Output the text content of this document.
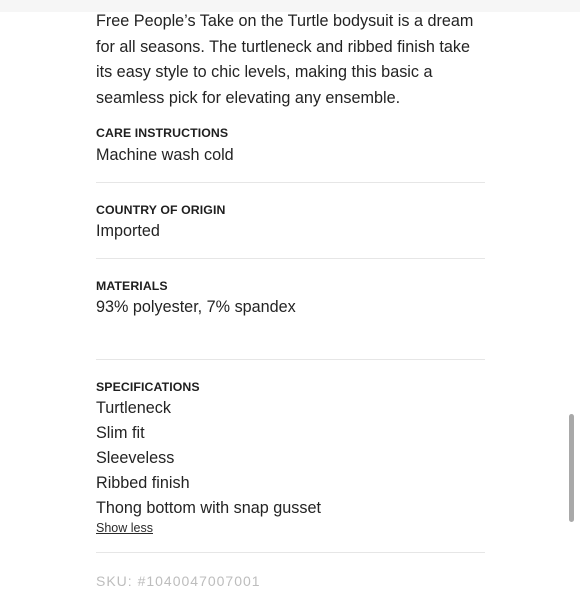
Free People’s Take on the Turtle bodysuit is a dream for all seasons. The turtleneck and ribbed finish take its easy style to chic levels, making this basic a seamless pick for elevating any ensemble.

CARE INSTRUCTIONS
Machine wash cold
COUNTRY OF ORIGIN
Imported
MATERIALS
93% polyester, 7% spandex
SPECIFICATIONS
Turtleneck
Slim fit
Sleeveless
Ribbed finish
Thong bottom with snap gusset
Show less
SKU: #1040047007001
